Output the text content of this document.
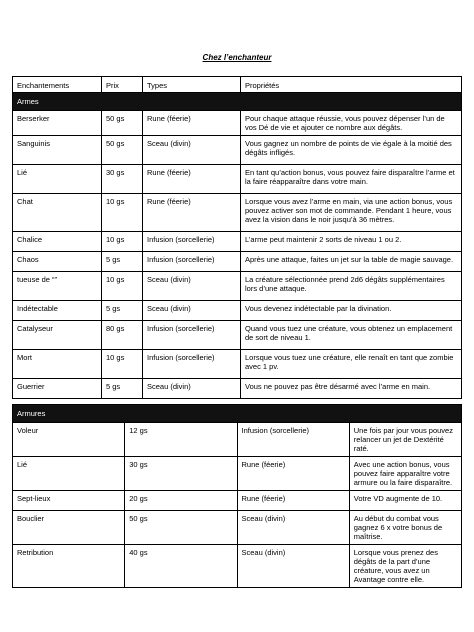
Chez l’enchanteur
Enchantements	Prix	Types	Propriétés
Armes			
Berserker	50 gs	Rune (féerie)	Pour chaque attaque réussie, vous pouvez dépenser l’un de vos Dé de vie et ajouter ce nombre aux dégâts.
Sanguinis	50 gs	Sceau (divin)	Vous gagnez un nombre de points de vie égale à la moitié des dégâts infligés.
Lié	30 gs	Rune (féerie)	En tant qu’action bonus, vous pouvez faire disparaître l’arme et la faire réapparaître dans votre main.
Chat	10 gs	Rune (féerie)	Lorsque vous avez l’arme en main, via une action bonus, vous pouvez activer son mot de commande. Pendant 1 heure, vous avez la vision dans le noir jusqu’à 36 mètres.
Chalice	10 gs	Infusion (sorcellerie)	L’arme peut maintenir 2 sorts de niveau 1 ou 2.
Chaos	5 gs	Infusion (sorcellerie)	Après une attaque, faites un jet sur la table de magie sauvage.
tueuse de “”	10 gs	Sceau (divin)	La créature sélectionnée prend 2d6 dégâts supplémentaires lors d’une attaque.
Indétectable	5 gs	Sceau (divin)	Vous devenez indétectable par la divination.
Catalyseur	80 gs	Infusion (sorcellerie)	Quand vous tuez une créature, vous obtenez un emplacement de sort de niveau 1.
Mort	10 gs	Infusion (sorcellerie)	Lorsque vous tuez une créature, elle renaît en tant que zombie avec 1 pv.
Guerrier	5 gs	Sceau (divin)	Vous ne pouvez pas être désarmé avec l’arme en main.
Armures			
Voleur	12 gs	Infusion (sorcellerie)	Une fois par jour vous pouvez relancer un jet de Dextérité raté.
Lié	30 gs	Rune (féerie)	Avec une action bonus, vous pouvez faire apparaître votre armure ou la faire disparaître.
Sept-lieux	20 gs	Rune (féerie)	Votre VD augmente de 10.
Bouclier	50 gs	Sceau (divin)	Au début du combat vous gagnez 6 x votre bonus de maîtrise.
Retribution	40 gs	Sceau (divin)	Lorsque vous prenez des dégâts de la part d’une créature, vous avez un Avantage contre elle.
